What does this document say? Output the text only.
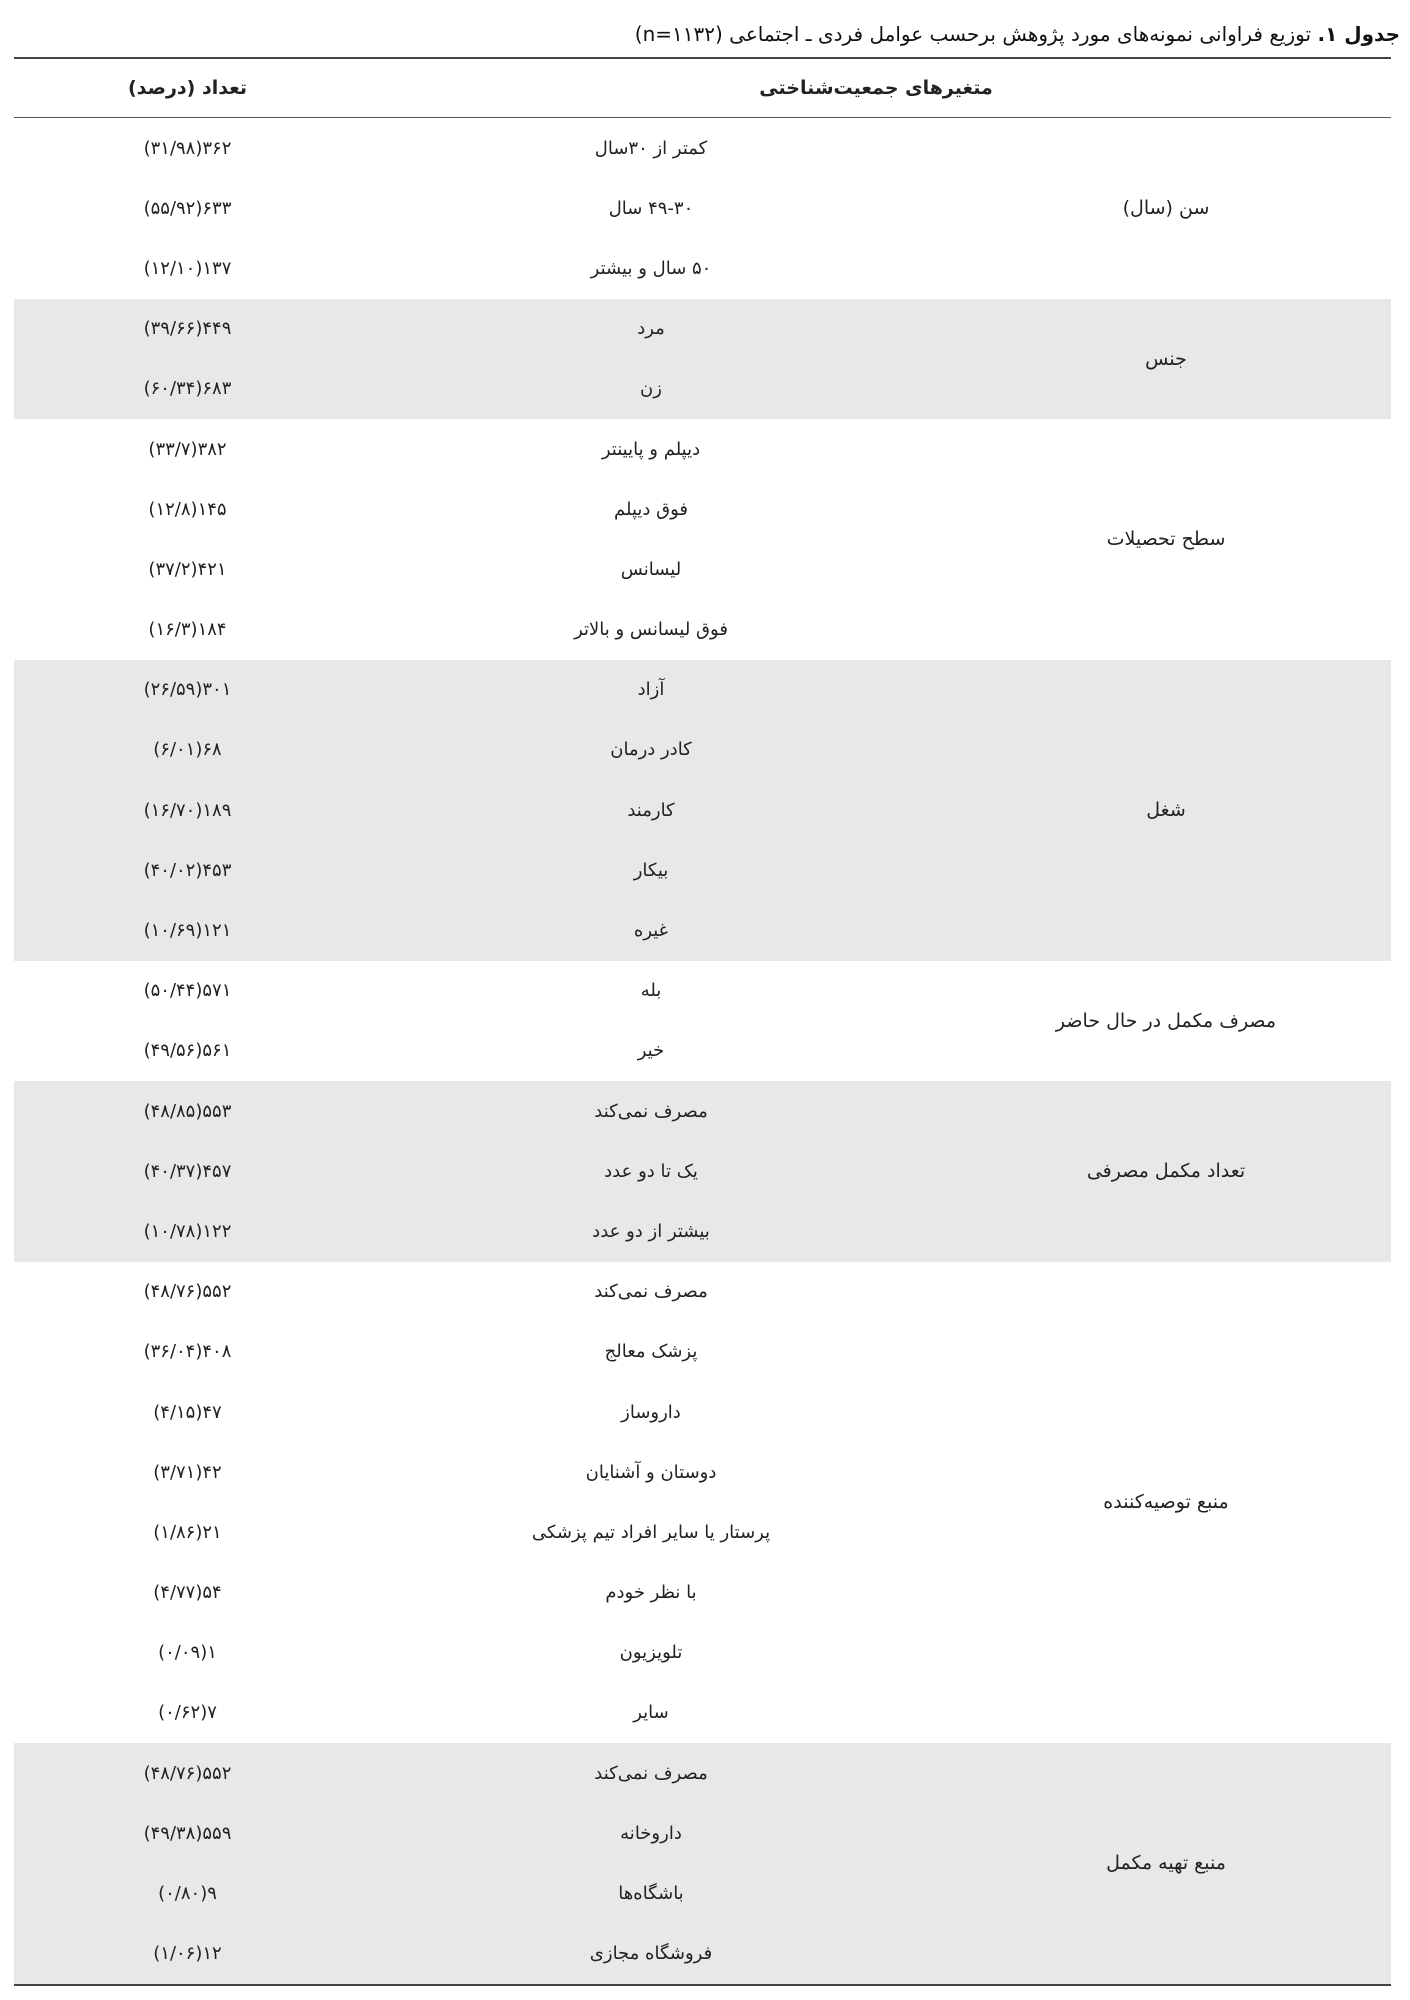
جدول ۱. توزیع فراوانی نمونه‌های مورد پژوهش برحسب عوامل فردی ـ اجتماعی (n=۱۱۳۲)
متغیرهای جمعیت‌شناختی
تعداد (درصد)
سن (سال)
کمتر از ۳۰سال
۳۶۲(۳۱/۹۸)
۴۹-۳۰ سال
۶۳۳(۵۵/۹۲)
۵۰ سال و بیشتر
۱۳۷(۱۲/۱۰)
جنس
مرد
۴۴۹(۳۹/۶۶)
زن
۶۸۳(۶۰/۳۴)
سطح تحصیلات
دیپلم و پایینتر
۳۸۲(۳۳/۷)
فوق دیپلم
۱۴۵(۱۲/۸)
لیسانس
۴۲۱(۳۷/۲)
فوق لیسانس و بالاتر
۱۸۴(۱۶/۳)
شغل
آزاد
۳۰۱(۲۶/۵۹)
کادر درمان
۶۸(۶/۰۱)
کارمند
۱۸۹(۱۶/۷۰)
بیکار
۴۵۳(۴۰/۰۲)
غیره
۱۲۱(۱۰/۶۹)
مصرف مکمل در حال حاضر
بله
۵۷۱(۵۰/۴۴)
خیر
۵۶۱(۴۹/۵۶)
تعداد مکمل مصرفی
مصرف نمی‌کند
۵۵۳(۴۸/۸۵)
یک تا دو عدد
۴۵۷(۴۰/۳۷)
بیشتر از دو عدد
۱۲۲(۱۰/۷۸)
منبع توصیه‌کننده
مصرف نمی‌کند
۵۵۲(۴۸/۷۶)
پزشک معالج
۴۰۸(۳۶/۰۴)
داروساز
۴۷(۴/۱۵)
دوستان و آشنایان
۴۲(۳/۷۱)
پرستار یا سایر افراد تیم پزشکی
۲۱(۱/۸۶)
با نظر خودم
۵۴(۴/۷۷)
تلویزیون
۱(۰/۰۹)
سایر
۷(۰/۶۲)
منبع تهیه مکمل
مصرف نمی‌کند
۵۵۲(۴۸/۷۶)
داروخانه
۵۵۹(۴۹/۳۸)
باشگاه‌ها
۹(۰/۸۰)
فروشگاه مجازی
۱۲(۱/۰۶)
